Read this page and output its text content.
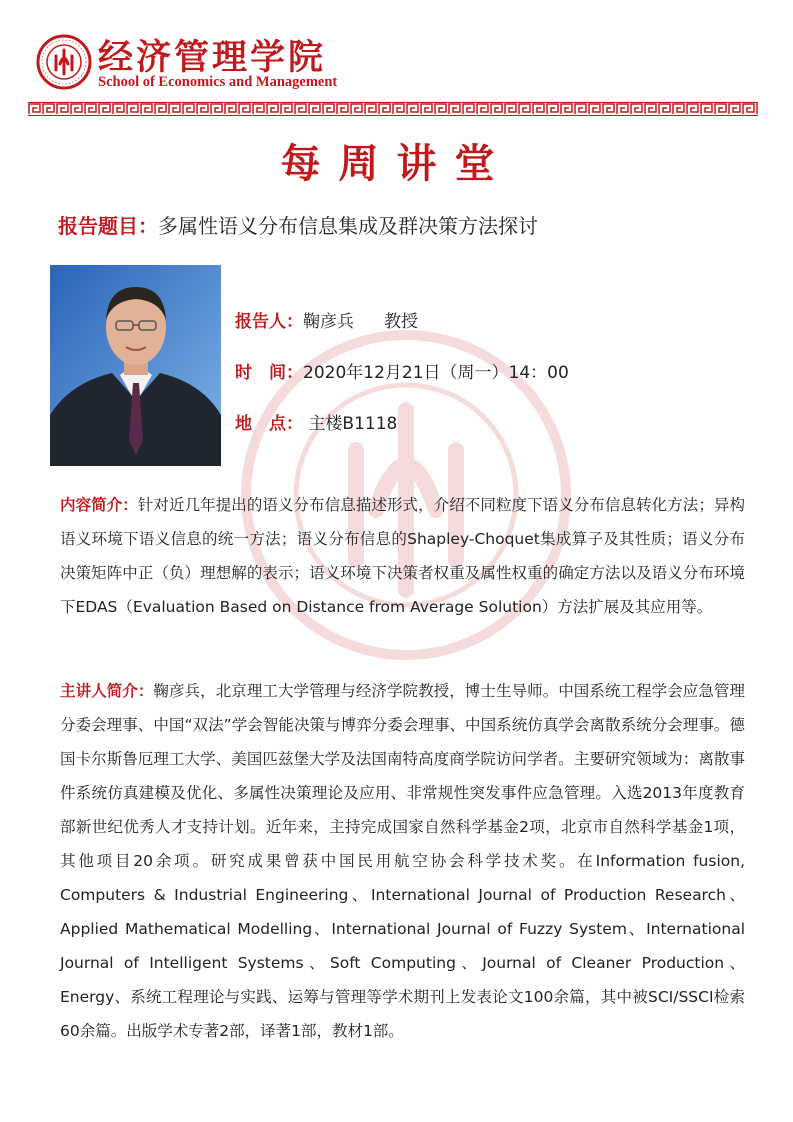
经济管理学院
School of Economics and Management
每周讲堂
报告题目：多属性语义分布信息集成及群决策方法探讨
报告人：鞠彦兵 教授
时　间：2020年12月21日（周一）14：00
地　点： 主楼B1118
内容简介：针对近几年提出的语义分布信息描述形式，介绍不同粒度下语义分布信息转化方法；异构语义环境下语义信息的统一方法；语义分布信息的Shapley-Choquet集成算子及其性质；语义分布决策矩阵中正（负）理想解的表示；语义环境下决策者权重及属性权重的确定方法以及语义分布环境下EDAS（Evaluation Based on Distance from Average Solution）方法扩展及其应用等。
主讲人简介：鞠彦兵，北京理工大学管理与经济学院教授，博士生导师。中国系统工程学会应急管理分委会理事、中国“双法”学会智能决策与博弈分委会理事、中国系统仿真学会离散系统分会理事。德国卡尔斯鲁厄理工大学、美国匹兹堡大学及法国南特高度商学院访问学者。主要研究领域为：离散事件系统仿真建模及优化、多属性决策理论及应用、非常规性突发事件应急管理。入选2013年度教育部新世纪优秀人才支持计划。近年来，主持完成国家自然科学基金2项，北京市自然科学基金1项，其他项目20余项。研究成果曾获中国民用航空协会科学技术奖。在Information fusion, Computers & Industrial Engineering、International Journal of Production Research、Applied Mathematical Modelling、International Journal of Fuzzy System、International Journal of Intelligent Systems、Soft Computing、Journal of Cleaner Production、Energy、系统工程理论与实践、运筹与管理等学术期刊上发表论文100余篇，其中被SCI/SSCI检索60余篇。出版学术专著2部，译著1部，教材1部。
